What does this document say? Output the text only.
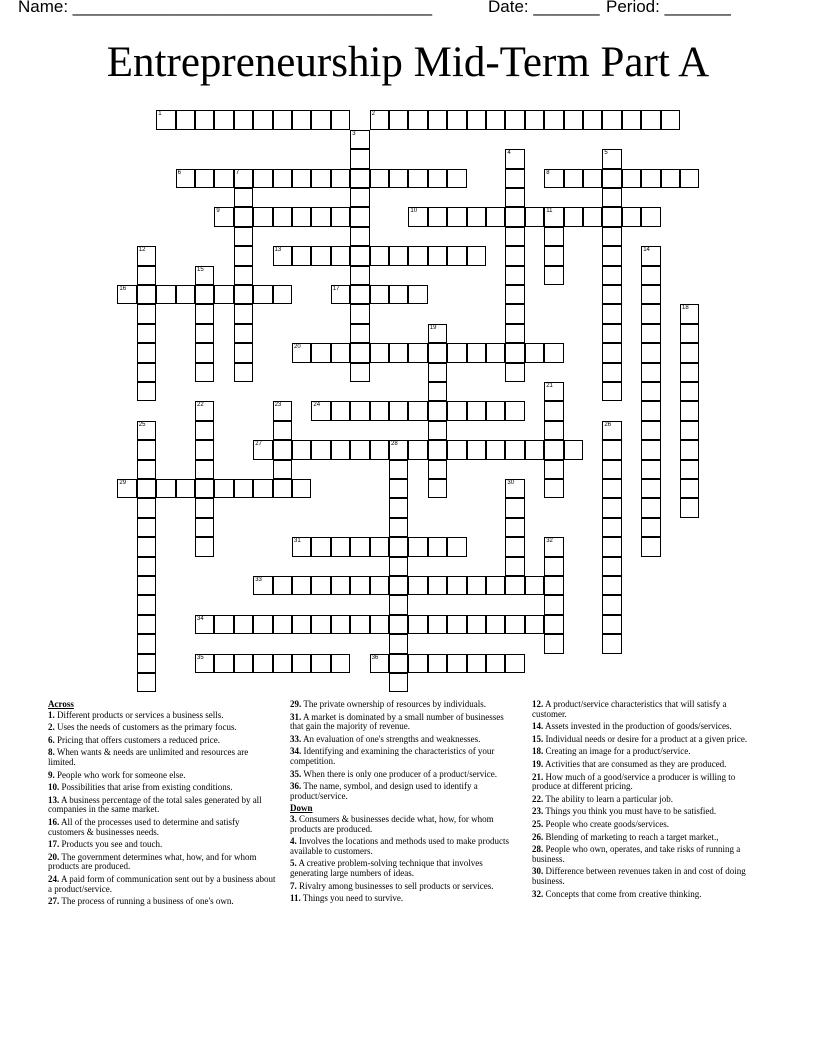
Name: ______________________________________	Date: _______ Period: _______
Entrepreneurship Mid-Term Part A
1	2
3
4	5
6	7	8
9	10	11
12	13	14
15
16	17
18
19
20
21
22	23	24
25	26
27	28
29	30
31	32
33
34
35	36
Across
1. Different products or services a business sells.
2. Uses the needs of customers as the primary focus.
6. Pricing that offers customers a reduced price.
8. When wants & needs are unlimited and resources are limited.
9. People who work for someone else.
10. Possibilities that arise from existing conditions.
13. A business percentage of the total sales generated by all companies in the same market.
16. All of the processes used to determine and satisfy customers & businesses needs.
17. Products you see and touch.
20. The government determines what, how, and for whom products are produced.
24. A paid form of communication sent out by a business about a product/service.
27. The process of running a business of one's own.
29. The private ownership of resources by individuals.
31. A market is dominated by a small number of businesses that gain the majority of revenue.
33. An evaluation of one's strengths and weaknesses.
34. Identifying and examining the characteristics of your competition.
35. When there is only one producer of a product/service.
36. The name, symbol, and design used to identify a product/service.
Down
3. Consumers & businesses decide what, how, for whom products are produced.
4. Involves the locations and methods used to make products available to customers.
5. A creative problem-solving technique that involves generating large numbers of ideas.
7. Rivalry among businesses to sell products or services.
11. Things you need to survive.
12. A product/service characteristics that will satisfy a customer.
14. Assets invested in the production of goods/services.
15. Individual needs or desire for a product at a given price.
18. Creating an image for a product/service.
19. Activities that are consumed as they are produced.
21. How much of a good/service a producer is willing to produce at different pricing.
22. The ability to learn a particular job.
23. Things you think you must have to be satisfied.
25. People who create goods/services.
26. Blending of marketing to reach a target market.,
28. People who own, operates, and take risks of running a business.
30. Difference between revenues taken in and cost of doing business.
32. Concepts that come from creative thinking.
